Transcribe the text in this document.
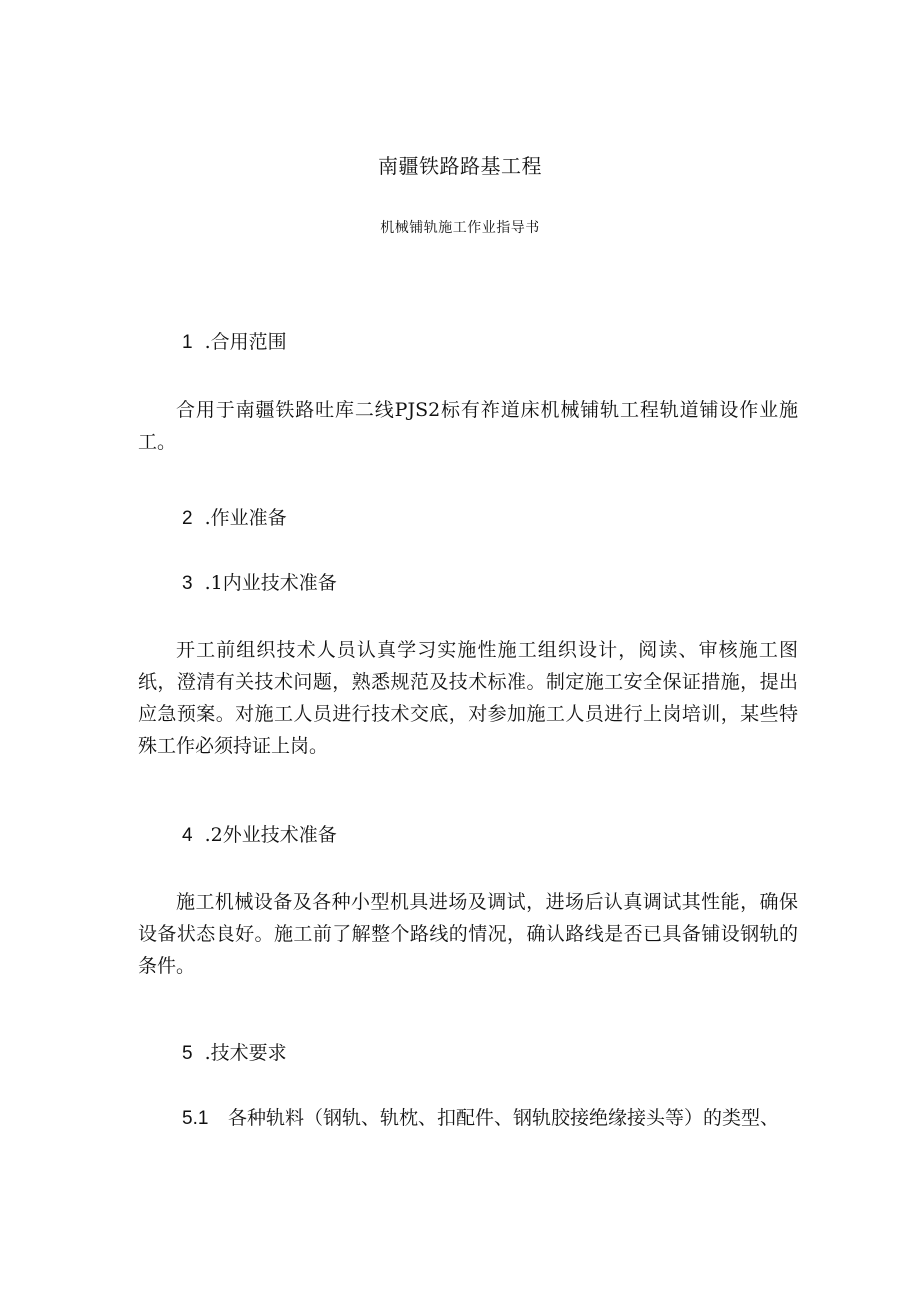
南疆铁路路基工程
机械铺轨施工作业指导书
1 .合用范围
合用于南疆铁路吐库二线PJS2标有祚道床机械铺轨工程轨道铺设作业施工。
2 .作业准备
3 .1内业技术准备
开工前组织技术人员认真学习实施性施工组织设计，阅读、审核施工图纸，澄清有关技术问题，熟悉规范及技术标准。制定施工安全保证措施，提出应急预案。对施工人员进行技术交底，对参加施工人员进行上岗培训，某些特殊工作必须持证上岗。
4 .2外业技术准备
施工机械设备及各种小型机具进场及调试，进场后认真调试其性能，确保设备状态良好。施工前了解整个路线的情况，确认路线是否已具备铺设钢轨的条件。
5 .技术要求
5.1 各种轨料（钢轨、轨枕、扣配件、钢轨胶接绝缘接头等）的类型、
